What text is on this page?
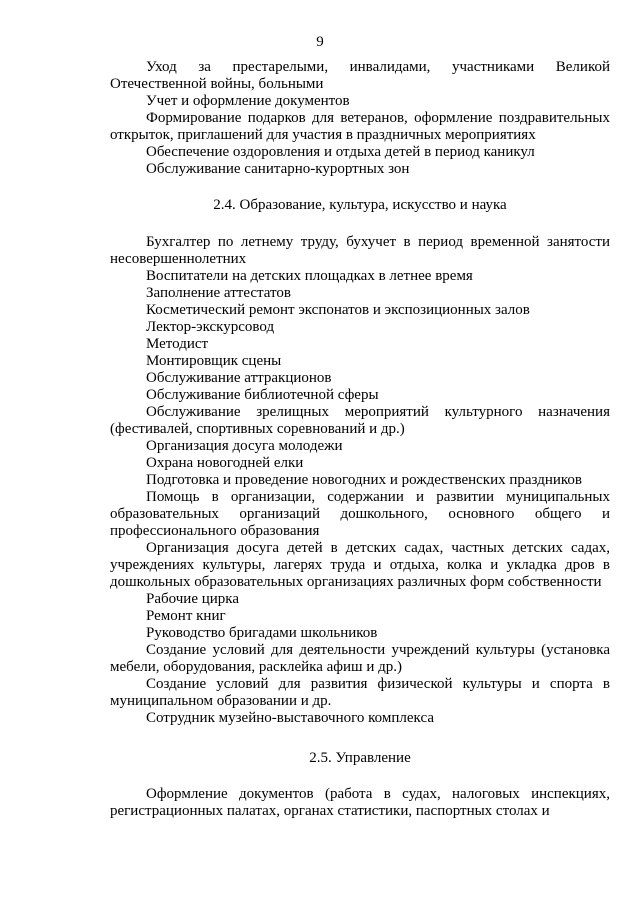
9

Уход за престарелыми, инвалидами, участниками Великой Отечественной войны, больными

Учет и оформление документов

Формирование подарков для ветеранов, оформление поздравительных открыток, приглашений для участия в праздничных мероприятиях

Обеспечение оздоровления и отдыха детей в период каникул

Обслуживание санитарно-курортных зон

2.4. Образование, культура, искусство и наука

Бухгалтер по летнему труду, бухучет в период временной занятости несовершеннолетних

Воспитатели на детских площадках в летнее время

Заполнение аттестатов

Косметический ремонт экспонатов и экспозиционных залов

Лектор-экскурсовод

Методист

Монтировщик сцены

Обслуживание аттракционов

Обслуживание библиотечной сферы

Обслуживание зрелищных мероприятий культурного назначения (фестивалей, спортивных соревнований и др.)

Организация досуга молодежи

Охрана новогодней елки

Подготовка и проведение новогодних и рождественских праздников

Помощь в организации, содержании и развитии муниципальных образовательных организаций дошкольного, основного общего и профессионального образования

Организация досуга детей в детских садах, частных детских садах, учреждениях культуры, лагерях труда и отдыха, колка и укладка дров в дошкольных образовательных организациях различных форм собственности

Рабочие цирка

Ремонт книг

Руководство бригадами школьников

Создание условий для деятельности учреждений культуры (установка мебели, оборудования, расклейка афиш и др.)

Создание условий для развития физической культуры и спорта в муниципальном образовании и др.

Сотрудник музейно-выставочного комплекса

2.5. Управление

Оформление документов (работа в судах, налоговых инспекциях, регистрационных палатах, органах статистики, паспортных столах и
